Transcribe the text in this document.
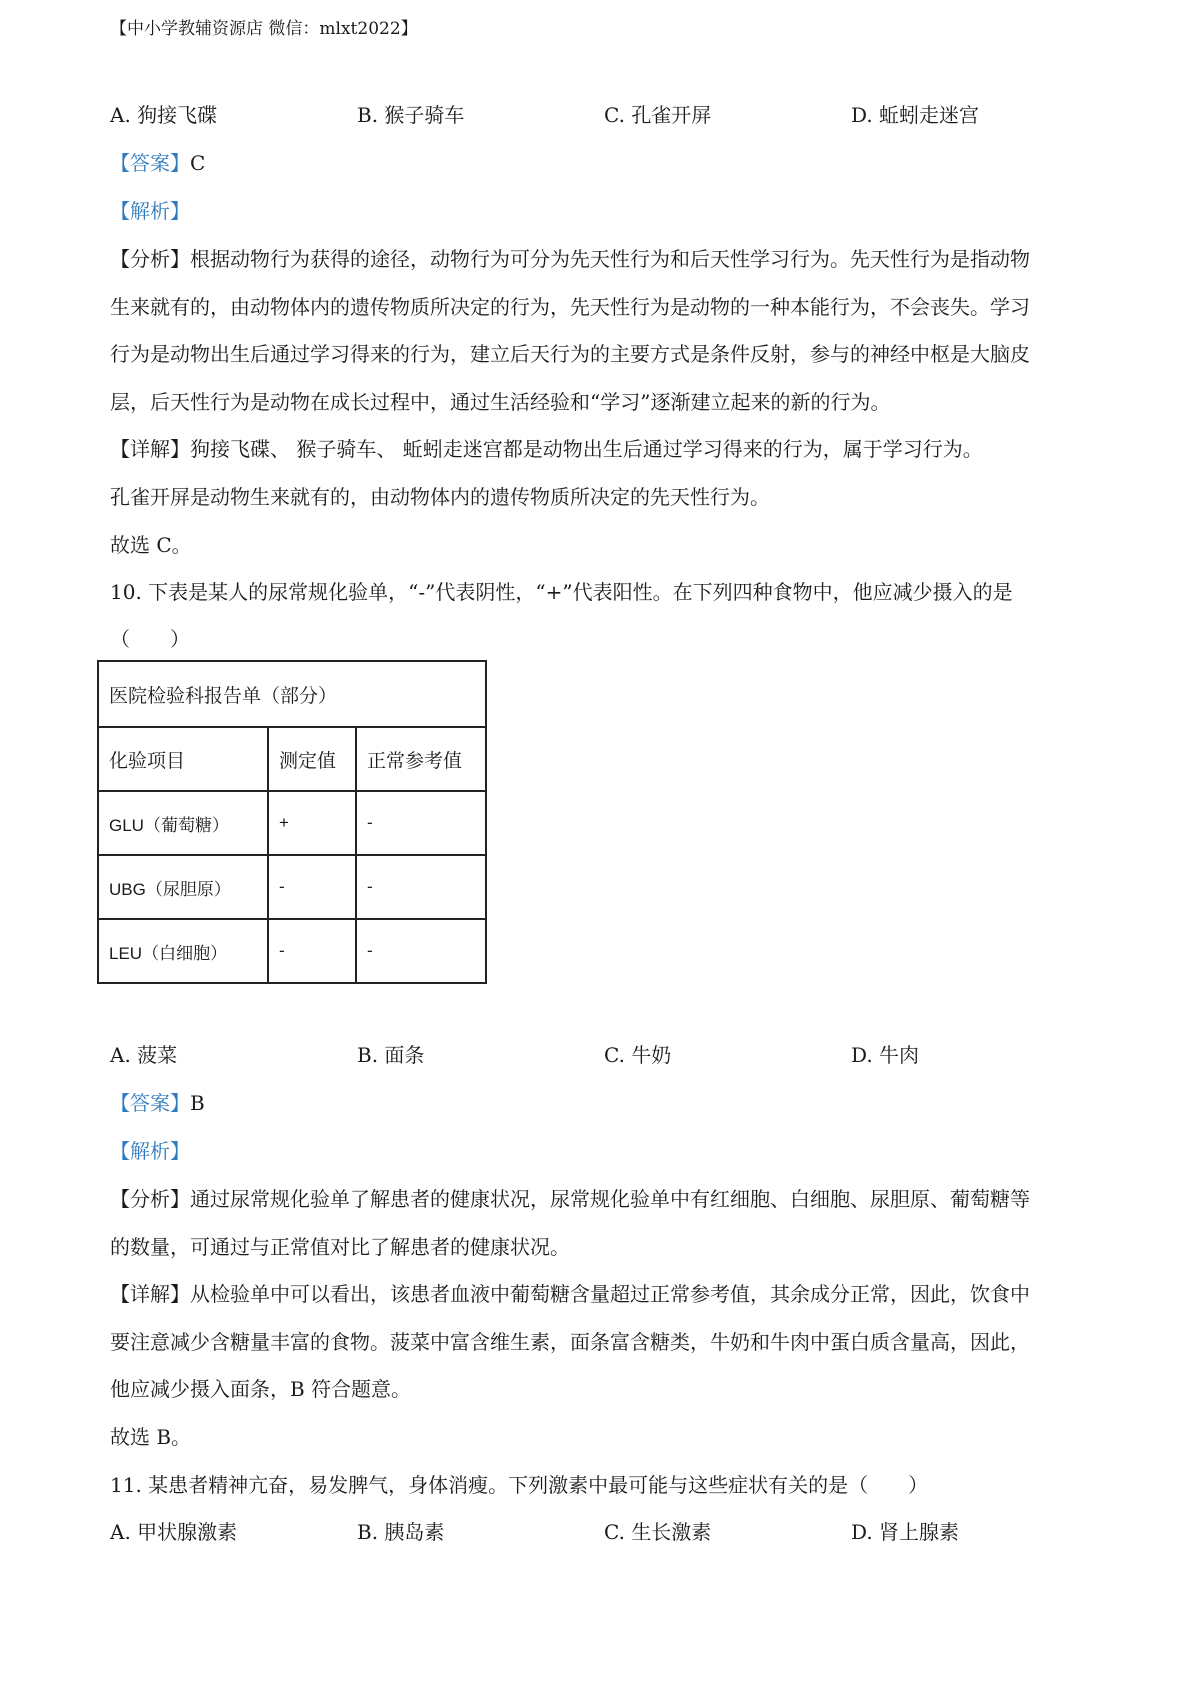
【中小学教辅资源店 微信：mlxt2022】
A. 狗接飞碟	B. 猴子骑车	C. 孔雀开屏	D. 蚯蚓走迷宫
【答案】C
【解析】
【分析】根据动物行为获得的途径，动物行为可分为先天性行为和后天性学习行为。先天性行为是指动物
生来就有的，由动物体内的遗传物质所决定的行为，先天性行为是动物的一种本能行为，不会丧失。学习
行为是动物出生后通过学习得来的行为，建立后天行为的主要方式是条件反射，参与的神经中枢是大脑皮
层，后天性行为是动物在成长过程中，通过生活经验和“学习”逐渐建立起来的新的行为。
【详解】狗接飞碟、 猴子骑车、 蚯蚓走迷宫都是动物出生后通过学习得来的行为，属于学习行为。
孔雀开屏是动物生来就有的，由动物体内的遗传物质所决定的先天性行为。
故选 C。
10. 下表是某人的尿常规化验单，“-”代表阴性，“+”代表阳性。在下列四种食物中，他应减少摄入的是
（　　）
医院检验科报告单（部分）		
化验项目	测定值	正常参考值
GLU（葡萄糖）	+	-
UBG（尿胆原）	-	-
LEU（白细胞）	-	-
A. 菠菜	B. 面条	C. 牛奶	D. 牛肉
【答案】B
【解析】
【分析】通过尿常规化验单了解患者的健康状况，尿常规化验单中有红细胞、白细胞、尿胆原、葡萄糖等
的数量，可通过与正常值对比了解患者的健康状况。
【详解】从检验单中可以看出，该患者血液中葡萄糖含量超过正常参考值，其余成分正常，因此，饮食中
要注意减少含糖量丰富的食物。菠菜中富含维生素，面条富含糖类，牛奶和牛肉中蛋白质含量高，因此，
他应减少摄入面条，B 符合题意。
故选 B。
11. 某患者精神亢奋，易发脾气，身体消瘦。下列激素中最可能与这些症状有关的是（　　）
A. 甲状腺激素	B. 胰岛素	C. 生长激素	D. 肾上腺素
